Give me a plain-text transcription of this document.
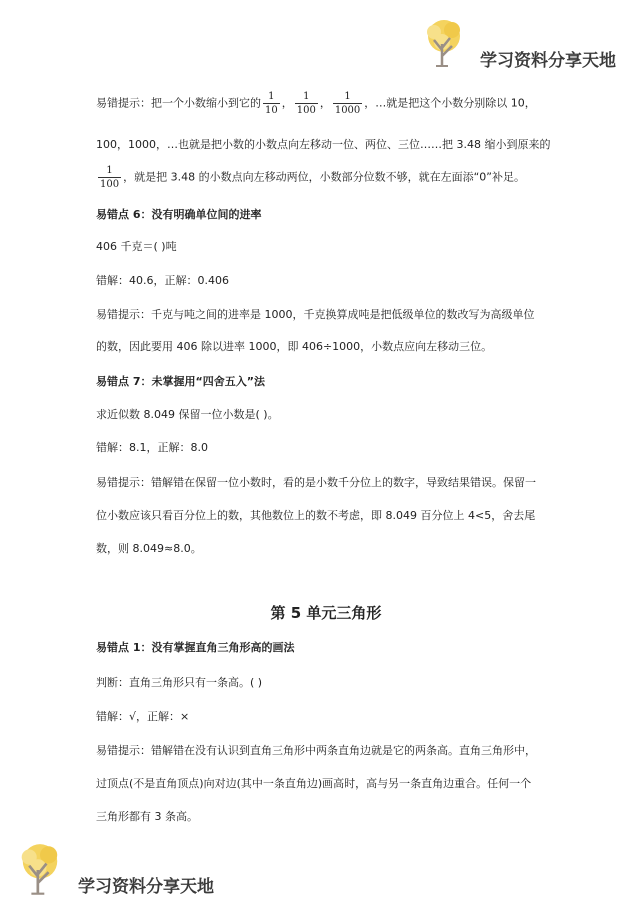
学习资料分享天地
易错提示：把一个小数缩小到它的 $\frac{1}{10}$ ， $\frac{1}{100}$ ， $\frac{1}{1000}$ ，…就是把这个小数分别除以 10，
100，1000，…也就是把小数的小数点向左移动一位、两位、三位……把 3.48 缩小到原来的
$\frac{1}{100}$ ，就是把 3.48 的小数点向左移动两位，小数部分位数不够，就在左面添“0”补足。
易错点 6：没有明确单位间的进率
406 千克＝( )吨
错解：40.6，正解：0.406
易错提示：千克与吨之间的进率是 1000，千克换算成吨是把低级单位的数改写为高级单位
的数，因此要用 406 除以进率 1000，即 406÷1000，小数点应向左移动三位。
易错点 7：未掌握用“四舍五入”法
求近似数 8.049 保留一位小数是( )。
错解：8.1，正解：8.0
易错提示：错解错在保留一位小数时，看的是小数千分位上的数字，导致结果错误。保留一
位小数应该只看百分位上的数，其他数位上的数不考虑，即 8.049 百分位上 4<5，舍去尾
数，则 8.049≈8.0。
第 5 单元三角形
易错点 1：没有掌握直角三角形高的画法
判断：直角三角形只有一条高。( )
错解：√，正解：×
易错提示：错解错在没有认识到直角三角形中两条直角边就是它的两条高。直角三角形中，
过顶点(不是直角顶点)向对边(其中一条直角边)画高时，高与另一条直角边重合。任何一个
三角形都有 3 条高。
学习资料分享天地
